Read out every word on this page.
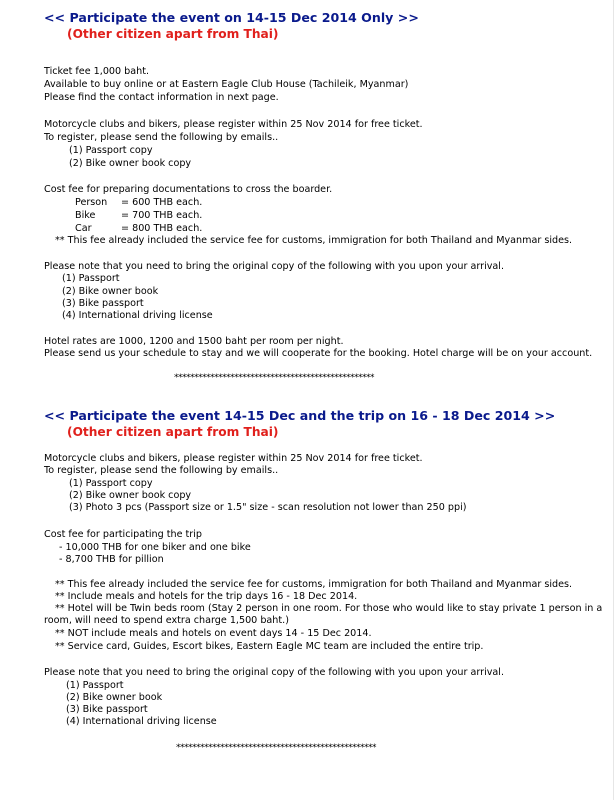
<< Participate the event on 14-15 Dec 2014 Only >>
(Other citizen apart from Thai)
Ticket fee 1,000 baht.
Available to buy online or at Eastern Eagle Club House (Tachileik, Myanmar)
Please find the contact information in next page.
Motorcycle clubs and bikers, please register within 25 Nov 2014 for free ticket.
To register, please send the following by emails..
(1) Passport copy
(2) Bike owner book copy
Cost fee for preparing documentations to cross the boarder.
Person = 600 THB each.
Bike	= 700 THB each.
Car	= 800 THB each.
** This fee already included the service fee for customs, immigration for both Thailand and Myanmar sides.
Please note that you need to bring the original copy of the following with you upon your arrival.
(1) Passport
(2) Bike owner book
(3) Bike passport
(4) International driving license
Hotel rates are 1000, 1200 and 1500 baht per room per night.
Please send us your schedule to stay and we will cooperate for the booking. Hotel charge will be on your account.
**************************************************
<< Participate the event 14-15 Dec and the trip on 16 - 18 Dec 2014 >>
(Other citizen apart from Thai)
Motorcycle clubs and bikers, please register within 25 Nov 2014 for free ticket.
To register, please send the following by emails..
(1) Passport copy
(2) Bike owner book copy
(3) Photo 3 pcs (Passport size or 1.5" size - scan resolution not lower than 250 ppi)
Cost fee for participating the trip
- 10,000 THB for one biker and one bike
- 8,700 THB for pillion
** This fee already included the service fee for customs, immigration for both Thailand and Myanmar sides.
** Include meals and hotels for the trip days 16 - 18 Dec 2014.
** Hotel will be Twin beds room (Stay 2 person in one room. For those who would like to stay private 1 person in a room, will need to spend extra charge 1,500 baht.)
** NOT include meals and hotels on event days 14 - 15 Dec 2014.
** Service card, Guides, Escort bikes, Eastern Eagle MC team are included the entire trip.
Please note that you need to bring the original copy of the following with you upon your arrival.
(1) Passport
(2) Bike owner book
(3) Bike passport
(4) International driving license
**************************************************
